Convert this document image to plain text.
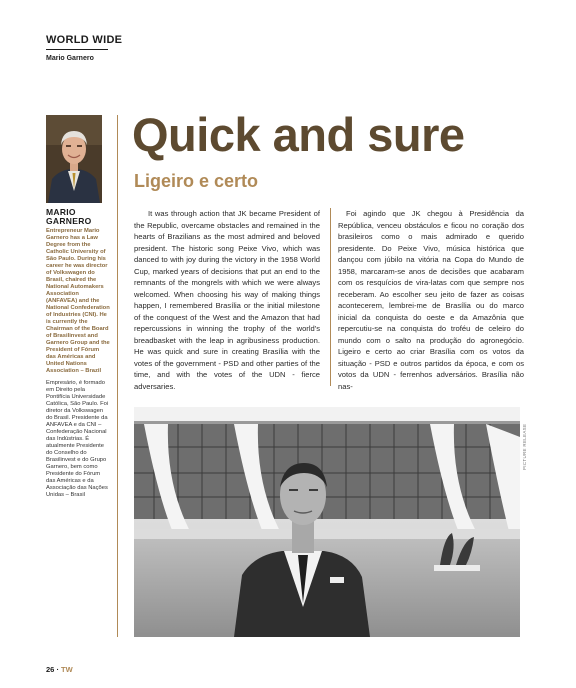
WORLD WIDE
Mario Garnero
MARIO
GARNERO
Entrepreneur Mario Garnero has a Law Degree from the Catholic University of São Paulo. During his career he was director of Volkswagen do Brasil, chaired the National Automakers Association (ANFAVEA) and the National Confederation of Industries (CNI). He is currently the Chairman of the Board of Brasilinvest and Garnero Group and the President of Fórum das Américas and United Nations Association – Brazil
Empresário, é formado em Direito pela Pontifícia Universidade Católica, São Paulo. Foi diretor da Volkswagen do Brasil. Presidente da ANFAVEA e da CNI – Confederação Nacional das Indústrias. É atualmente Presidente do Conselho do Brasilinvest e do Grupo Garnero, bem como Presidente do Fórum das Américas e da Associação das Nações Unidas – Brasil
Quick and sure
Ligeiro e certo
It was through action that JK became President of the Republic, overcame obstacles and remained in the hearts of Brazilians as the most admired and beloved president. The historic song Peixe Vivo, which was danced to with joy during the victory in the 1958 World Cup, marked years of decisions that put an end to the remnants of the mongrels with which we were always welcomed. When choosing his way of making things happen, I remembered Brasília or the initial milestone of the conquest of the West and the Amazon that had repercussions in winning the trophy of the world's breadbasket with the leap in agribusiness production. He was quick and sure in creating Brasília with the votes of the government - PSD and other parties of the time, and with the votes of the UDN - fierce adversaries.
Foi agindo que JK chegou à Presidência da República, venceu obstáculos e ficou no coração dos brasileiros como o mais admirado e querido presidente. Do Peixe Vivo, música histórica que dançou com júbilo na vitória na Copa do Mundo de 1958, marcaram-se anos de decisões que acabaram com os resquícios de vira-latas com que sempre nos receberam. Ao escolher seu jeito de fazer as coisas acontecerem, lembrei-me de Brasília ou do marco inicial da conquista do oeste e da Amazônia que repercutiu-se na conquista do troféu de celeiro do mundo com o salto na produção do agronegócio. Ligeiro e certo ao criar Brasília com os votos da situação - PSD e outros partidos da época, e com os votos da UDN - ferrenhos adversários. Brasília não nas-
PICTURE RELEASE
26 · TW
